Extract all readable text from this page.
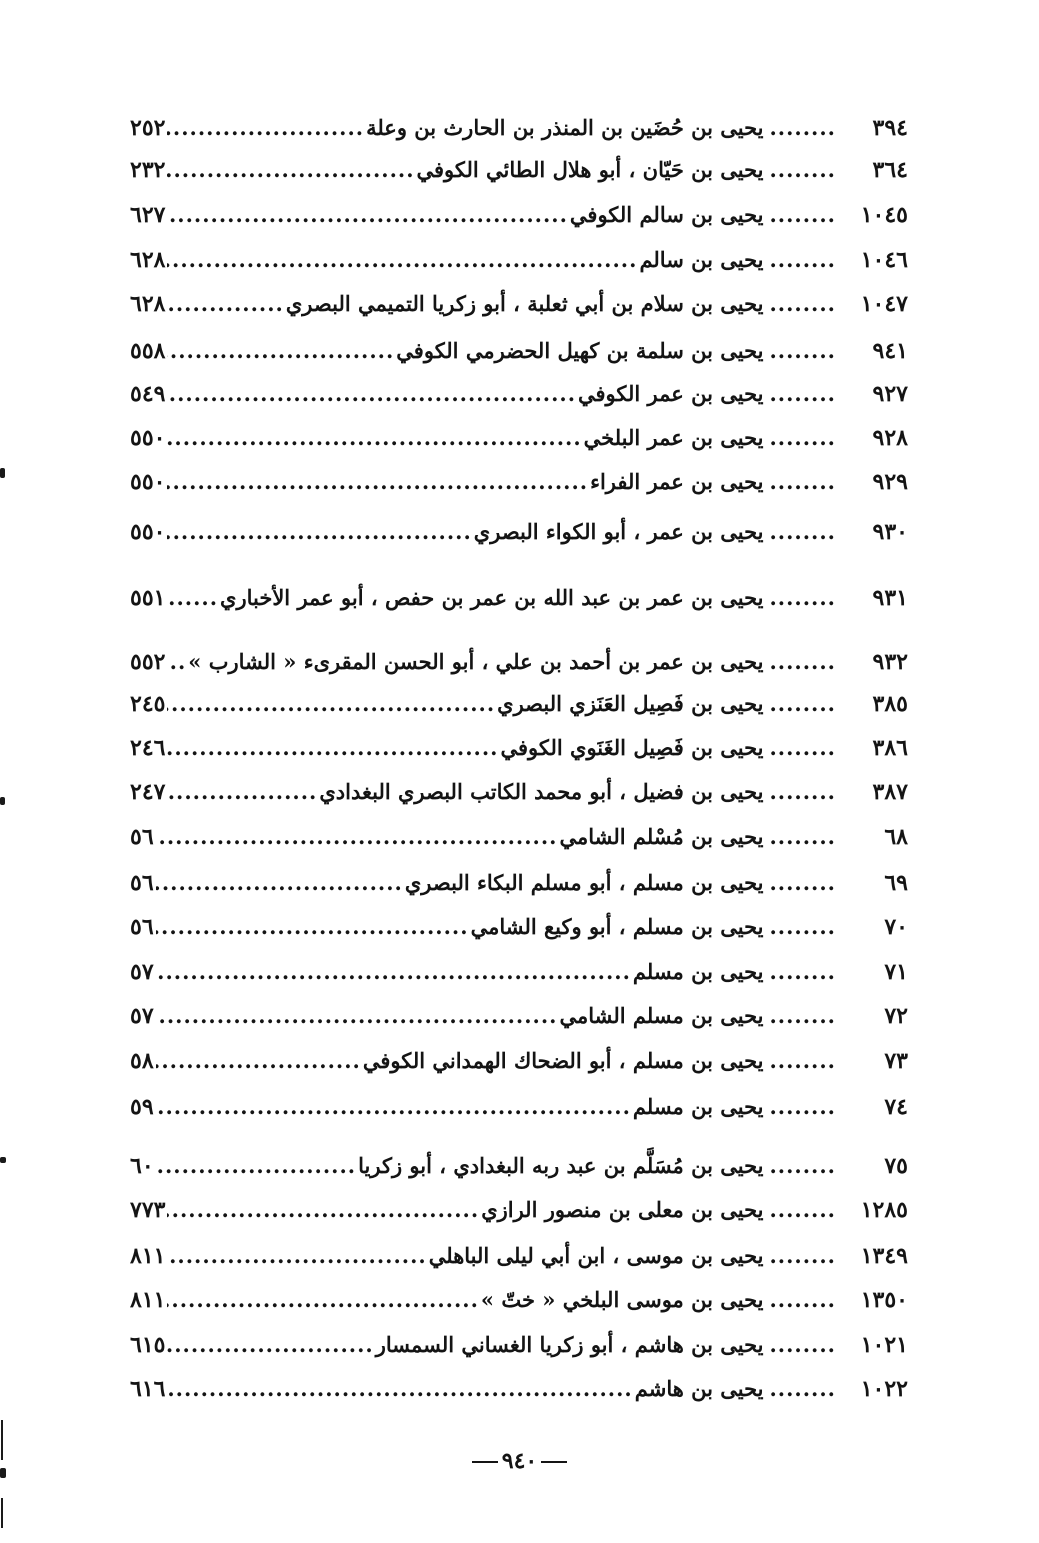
٣٩٤
........
يحيى بن حُضَين بن المنذر بن الحارث بن وعلة
.....
٢٥٢
٣٦٤
........
يحيى بن حَيّان ، أبو هلال الطائي الكوفي
.....
٢٣٢
١٠٤٥
........
يحيى بن سالم الكوفي
.....
٦٢٧
١٠٤٦
........
يحيى بن سالم
.....
٦٢٨
١٠٤٧
........
يحيى بن سلام بن أبي ثعلبة ، أبو زكريا التميمي البصري
.....
٦٢٨
٩٤١
........
يحيى بن سلمة بن كهيل الحضرمي الكوفي
.....
٥٥٨
٩٢٧
........
يحيى بن عمر الكوفي
.....
٥٤٩
٩٢٨
........
يحيى بن عمر البلخي
.....
٥٥٠
٩٢٩
........
يحيى بن عمر الفراء
.....
٥٥٠
٩٣٠
........
يحيى بن عمر ، أبو الكواء البصري
.....
٥٥٠
٩٣١
........
يحيى بن عمر بن عبد الله بن عمر بن حفص ، أبو عمر الأخباري
.....
٥٥١
٩٣٢
........
يحيى بن عمر بن أحمد بن علي ، أبو الحسن المقرىء « الشارب »
.....
٥٥٢
٣٨٥
........
يحيى بن فَصِيل العَنَزي البصري
.....
٢٤٥
٣٨٦
........
يحيى بن فَصِيل الغَنَوي الكوفي
.....
٢٤٦
٣٨٧
........
يحيى بن فضيل ، أبو محمد الكاتب البصري البغدادي
.....
٢٤٧
٦٨
........
يحيى بن مُسْلم الشامي
.....
٥٦
٦٩
........
يحيى بن مسلم ، أبو مسلم البكاء البصري
.....
٥٦
٧٠
........
يحيى بن مسلم ، أبو وكيع الشامي
.....
٥٦
٧١
........
يحيى بن مسلم
.....
٥٧
٧٢
........
يحيى بن مسلم الشامي
.....
٥٧
٧٣
........
يحيى بن مسلم ، أبو الضحاك الهمداني الكوفي
.....
٥٨
٧٤
........
يحيى بن مسلم
.....
٥٩
٧٥
........
يحيى بن مُسَلَّم بن عبد ربه البغدادي ، أبو زكريا
.....
٦٠
١٢٨٥
........
يحيى بن معلى بن منصور الرازي
.....
٧٧٣
١٣٤٩
........
يحيى بن موسى ، ابن أبي ليلى الباهلي
.....
٨١١
١٣٥٠
........
يحيى بن موسى البلخي « ختّ »
.....
٨١١
١٠٢١
........
يحيى بن هاشم ، أبو زكريا الغساني السمسار
.....
٦١٥
١٠٢٢
........
يحيى بن هاشم
.....
٦١٦
٩٤٠
